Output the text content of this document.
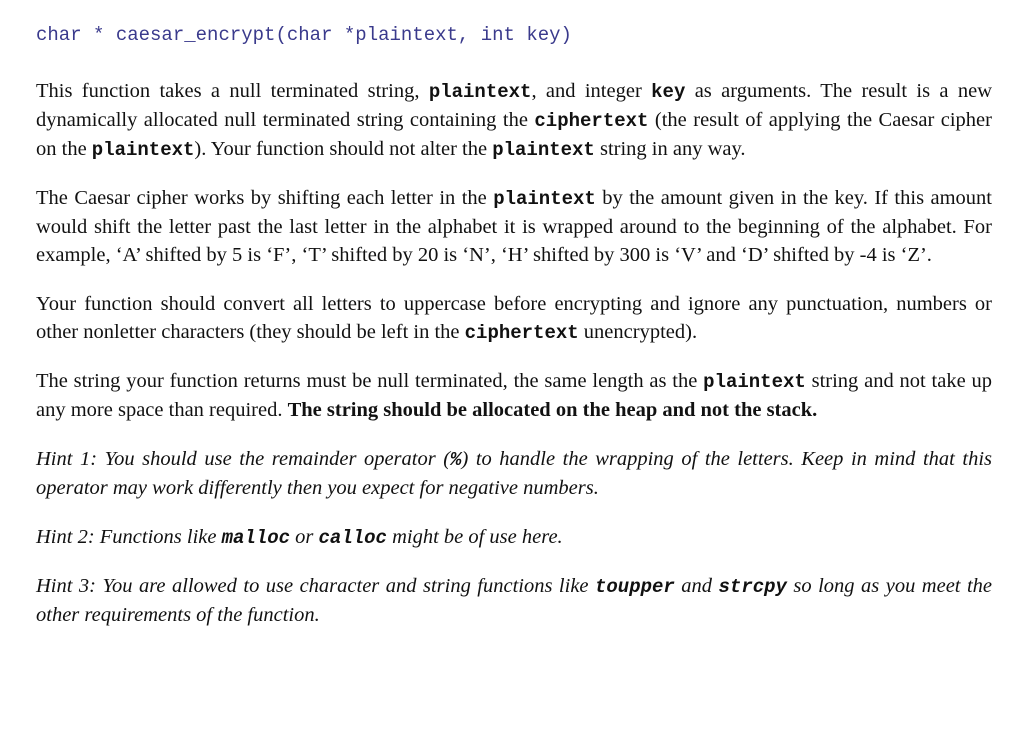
char * caesar_encrypt(char *plaintext, int key)

This function takes a null terminated string, plaintext, and integer key as arguments. The result is a new dynamically allocated null terminated string containing the ciphertext (the result of applying the Caesar cipher on the plaintext). Your function should not alter the plaintext string in any way.

The Caesar cipher works by shifting each letter in the plaintext by the amount given in the key. If this amount would shift the letter past the last letter in the alphabet it is wrapped around to the beginning of the alphabet. For example, ‘A’ shifted by 5 is ‘F’, ‘T’ shifted by 20 is ‘N’, ‘H’ shifted by 300 is ‘V’ and ‘D’ shifted by -4 is ‘Z’.

Your function should convert all letters to uppercase before encrypting and ignore any punctuation, numbers or other nonletter characters (they should be left in the ciphertext unencrypted).

The string your function returns must be null terminated, the same length as the plaintext string and not take up any more space than required. The string should be allocated on the heap and not the stack.

Hint 1: You should use the remainder operator (%) to handle the wrapping of the letters. Keep in mind that this operator may work differently then you expect for negative numbers.

Hint 2: Functions like malloc or calloc might be of use here.

Hint 3: You are allowed to use character and string functions like toupper and strcpy so long as you meet the other requirements of the function.
